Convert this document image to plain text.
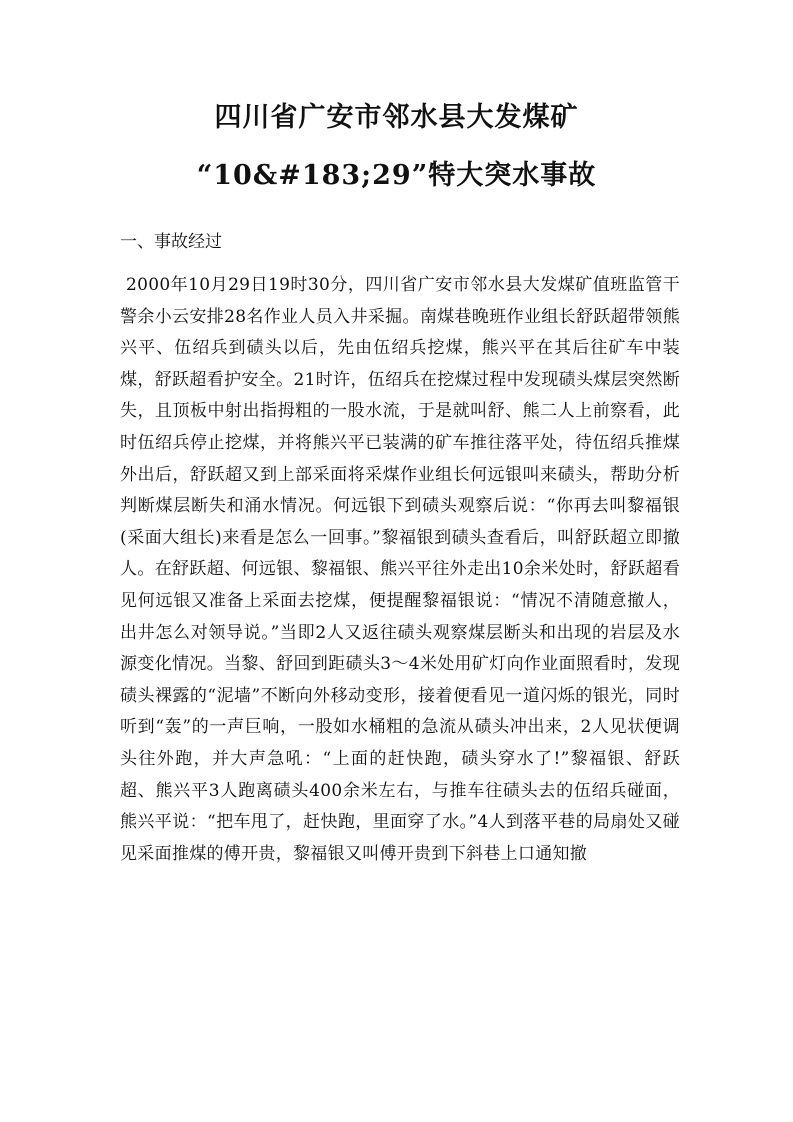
四川省广安市邻水县大发煤矿
“10&#183;29”特大突水事故
一、事故经过
2000年10月29日19时30分，四川省广安市邻水县大发煤矿值班监管干警余小云安排28名作业人员入井采掘。南煤巷晚班作业组长舒跃超带领熊兴平、伍绍兵到碛头以后，先由伍绍兵挖煤，熊兴平在其后往矿车中装煤，舒跃超看护安全。21时许，伍绍兵在挖煤过程中发现碛头煤层突然断失，且顶板中射出指拇粗的一股水流，于是就叫舒、熊二人上前察看，此时伍绍兵停止挖煤，并将熊兴平已装满的矿车推往落平处，待伍绍兵推煤外出后，舒跃超又到上部采面将采煤作业组长何远银叫来碛头，帮助分析判断煤层断失和涌水情况。何远银下到碛头观察后说：“你再去叫黎福银(采面大组长)来看是怎么一回事。”黎福银到碛头查看后，叫舒跃超立即撤人。在舒跃超、何远银、黎福银、熊兴平往外走出10余米处时，舒跃超看见何远银又准备上采面去挖煤，便提醒黎福银说：“情况不清随意撤人，出井怎么对领导说。”当即2人又返往碛头观察煤层断头和出现的岩层及水源变化情况。当黎、舒回到距碛头3～4米处用矿灯向作业面照看时，发现碛头裸露的“泥墙”不断向外移动变形，接着便看见一道闪烁的银光，同时听到“轰”的一声巨响，一股如水桶粗的急流从碛头冲出来，2人见状便调头往外跑，并大声急吼：“上面的赶快跑，碛头穿水了!”黎福银、舒跃超、熊兴平3人跑离碛头400余米左右，与推车往碛头去的伍绍兵碰面，熊兴平说：“把车甩了，赶快跑，里面穿了水。”4人到落平巷的局扇处又碰见采面推煤的傅开贵，黎福银又叫傅开贵到下斜巷上口通知撤
